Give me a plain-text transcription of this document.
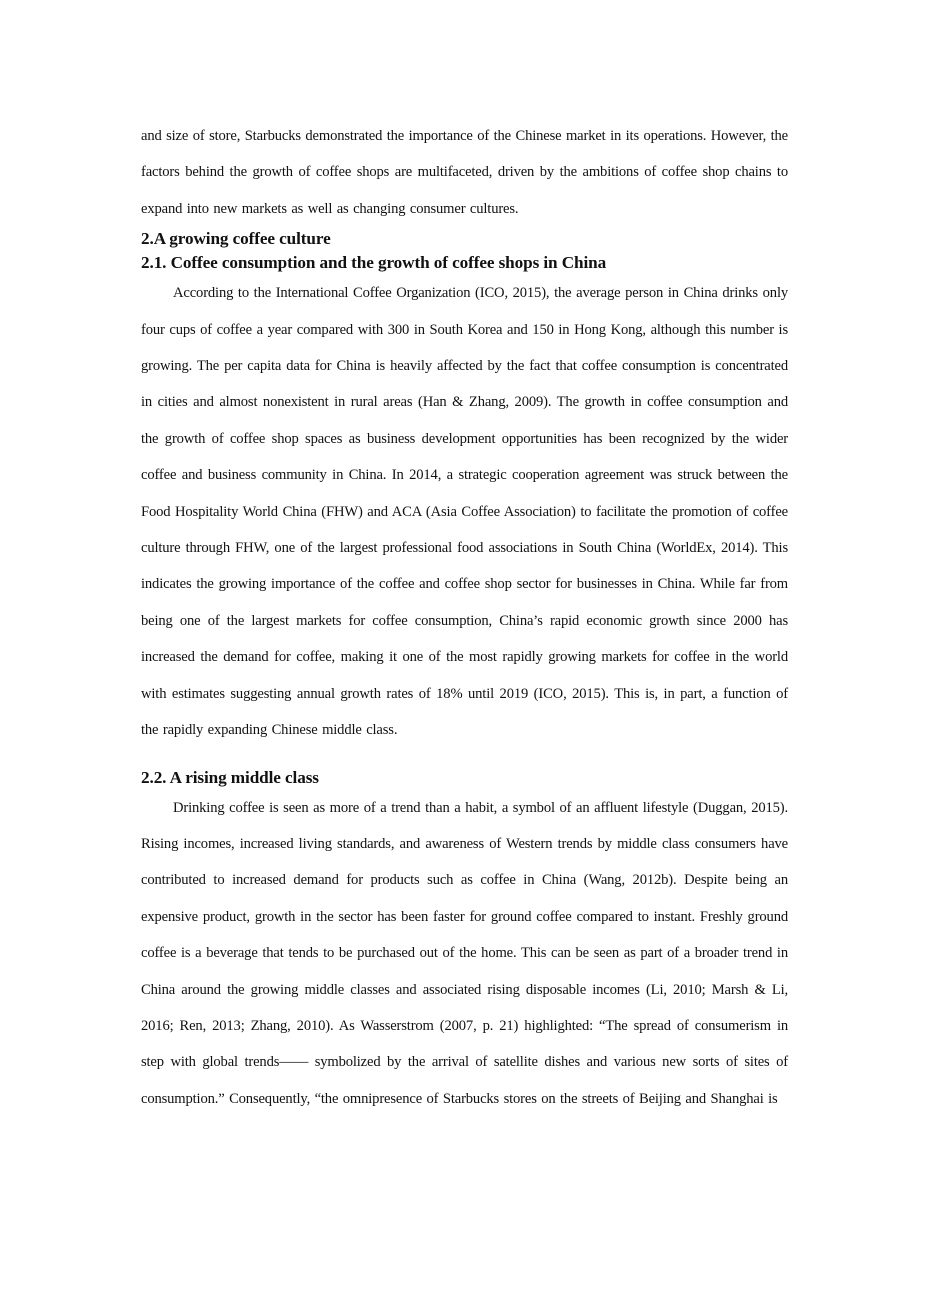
and size of store, Starbucks demonstrated the importance of the Chinese market in its operations. However, the factors behind the growth of coffee shops are multifaceted, driven by the ambitions of coffee shop chains to expand into new markets as well as changing consumer cultures.

2.A growing coffee culture
2.1. Coffee consumption and the growth of coffee shops in China

According to the International Coffee Organization (ICO, 2015), the average person in China drinks only four cups of coffee a year compared with 300 in South Korea and 150 in Hong Kong, although this number is growing. The per capita data for China is heavily affected by the fact that coffee consumption is concentrated in cities and almost nonexistent in rural areas (Han & Zhang, 2009). The growth in coffee consumption and the growth of coffee shop spaces as business development opportunities has been recognized by the wider coffee and business community in China. In 2014, a strategic cooperation agreement was struck between the Food Hospitality World China (FHW) and ACA (Asia Coffee Association) to facilitate the promotion of coffee culture through FHW, one of the largest professional food associations in South China (WorldEx, 2014). This indicates the growing importance of the coffee and coffee shop sector for businesses in China. While far from being one of the largest markets for coffee consumption, China’s rapid economic growth since 2000 has increased the demand for coffee, making it one of the most rapidly growing markets for coffee in the world with estimates suggesting annual growth rates of 18% until 2019 (ICO, 2015). This is, in part, a function of the rapidly expanding Chinese middle class.

2.2. A rising middle class

Drinking coffee is seen as more of a trend than a habit, a symbol of an affluent lifestyle (Duggan, 2015). Rising incomes, increased living standards, and awareness of Western trends by middle class consumers have contributed to increased demand for products such as coffee in China (Wang, 2012b). Despite being an expensive product, growth in the sector has been faster for ground coffee compared to instant. Freshly ground coffee is a beverage that tends to be purchased out of the home. This can be seen as part of a broader trend in China around the growing middle classes and associated rising disposable incomes (Li, 2010; Marsh & Li, 2016; Ren, 2013; Zhang, 2010). As Wasserstrom (2007, p. 21) highlighted: “The spread of consumerism in step with global trends—— symbolized by the arrival of satellite dishes and various new sorts of sites of consumption.” Consequently, “the omnipresence of Starbucks stores on the streets of Beijing and Shanghai is
